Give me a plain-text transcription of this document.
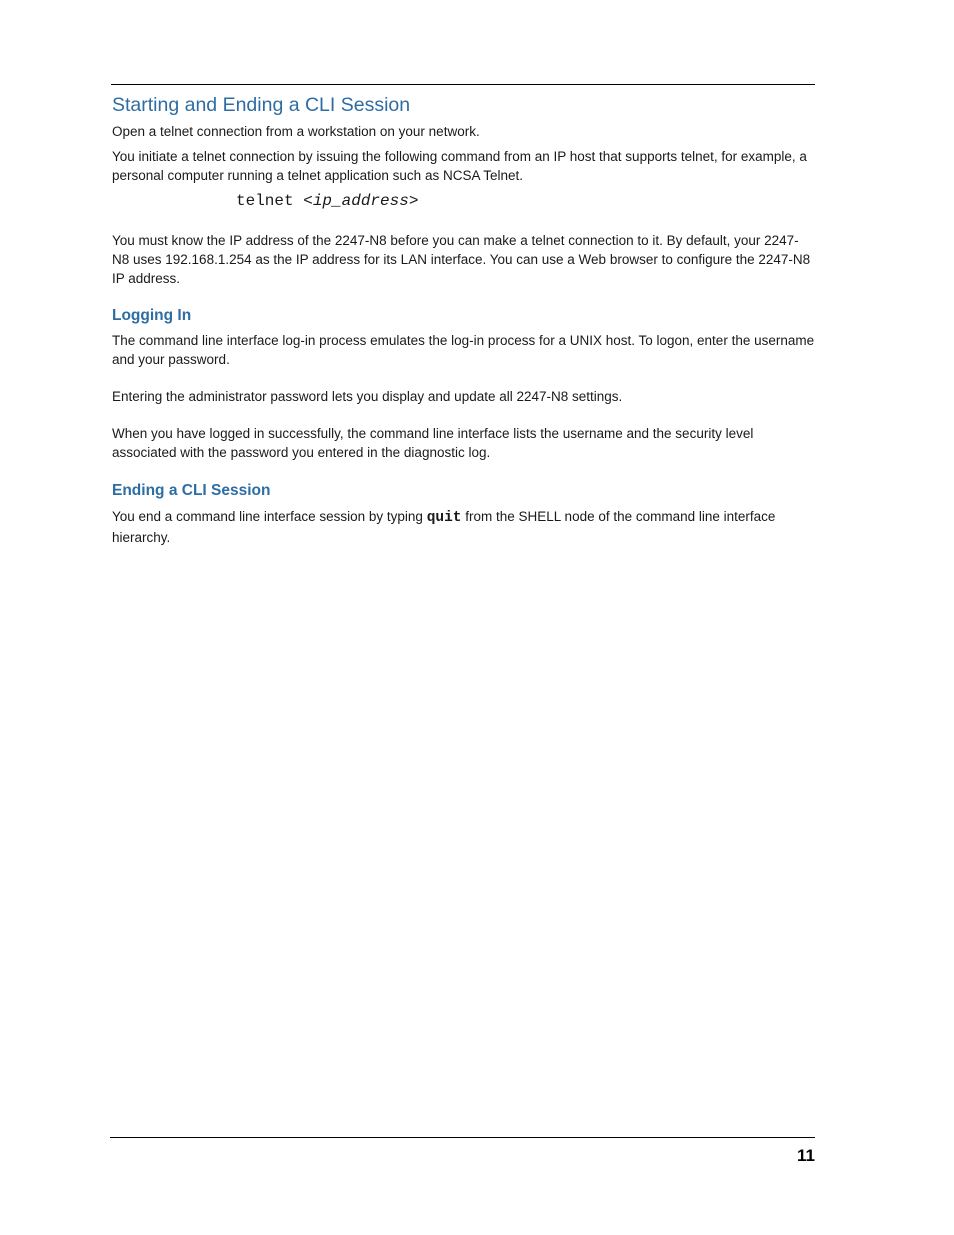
Starting and Ending a CLI Session

Open a telnet connection from a workstation on your network.

You initiate a telnet connection by issuing the following command from an IP host that supports telnet, for example, a personal computer running a telnet application such as NCSA Telnet.

telnet <ip_address>

You must know the IP address of the 2247-N8 before you can make a telnet connection to it. By default, your 2247-N8 uses 192.168.1.254 as the IP address for its LAN interface. You can use a Web browser to configure the 2247-N8 IP address.

Logging In

The command line interface log-in process emulates the log-in process for a UNIX host. To logon, enter the username and your password.

Entering the administrator password lets you display and update all 2247-N8 settings.

When you have logged in successfully, the command line interface lists the username and the security level associated with the password you entered in the diagnostic log.

Ending a CLI Session

You end a command line interface session by typing quit from the SHELL node of the command line interface hierarchy.

11
